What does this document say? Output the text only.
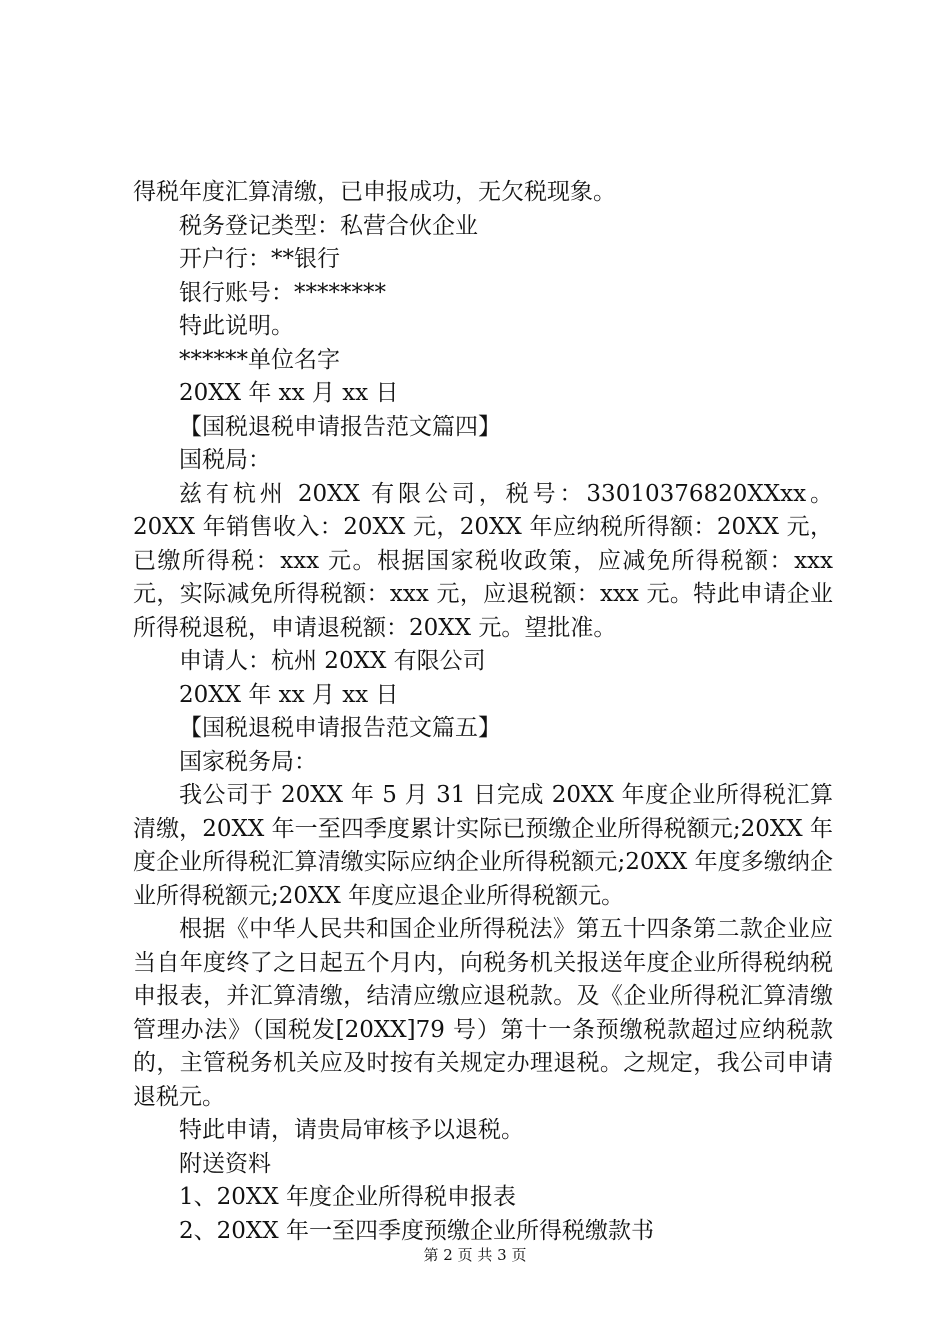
得税年度汇算清缴，已申报成功，无欠税现象。
税务登记类型：私营合伙企业
开户行：**银行
银行账号：********
特此说明。
******单位名字
20XX 年 xx 月 xx 日
【国税退税申请报告范文篇四】
国税局：
兹有杭州 20XX 有限公司，税号：33010376820XXxx。20XX 年销售收入：20XX 元，20XX 年应纳税所得额：20XX 元，已缴所得税：xxx 元。根据国家税收政策，应减免所得税额：xxx 元，实际减免所得税额：xxx 元，应退税额：xxx 元。特此申请企业所得税退税，申请退税额：20XX 元。望批准。
申请人：杭州 20XX 有限公司
20XX 年 xx 月 xx 日
【国税退税申请报告范文篇五】
国家税务局：
我公司于 20XX 年 5 月 31 日完成 20XX 年度企业所得税汇算清缴，20XX 年一至四季度累计实际已预缴企业所得税额元;20XX 年度企业所得税汇算清缴实际应纳企业所得税额元;20XX 年度多缴纳企业所得税额元;20XX 年度应退企业所得税额元。
根据《中华人民共和国企业所得税法》第五十四条第二款企业应当自年度终了之日起五个月内，向税务机关报送年度企业所得税纳税申报表，并汇算清缴，结清应缴应退税款。及《企业所得税汇算清缴管理办法》（国税发[20XX]79 号）第十一条预缴税款超过应纳税款的，主管税务机关应及时按有关规定办理退税。之规定，我公司申请退税元。
特此申请，请贵局审核予以退税。
附送资料
1、20XX 年度企业所得税申报表
2、20XX 年一至四季度预缴企业所得税缴款书
第 2 页 共 3 页
